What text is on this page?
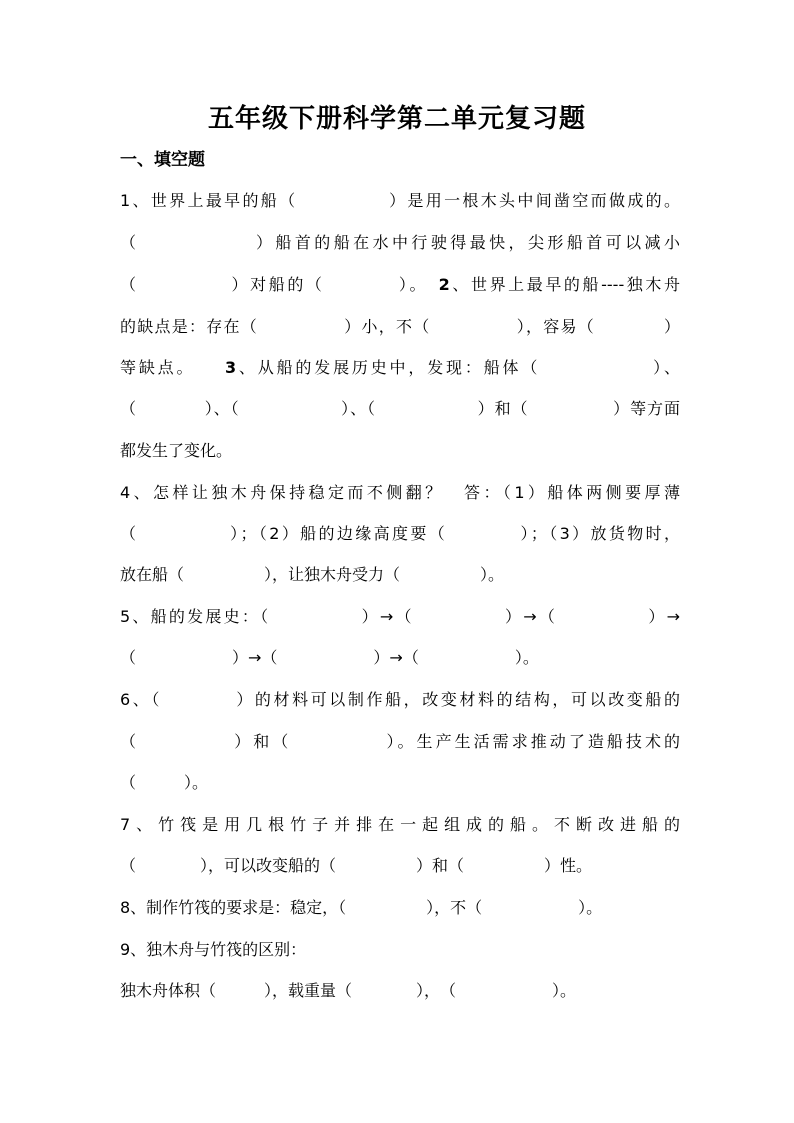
五年级下册科学第二单元复习题
一、填空题
1、世界上最早的船（　　　　　）是用一根木头中间凿空而做成的。
（　　　　　　）船首的船在水中行驶得最快，尖形船首可以减小
（　　　　　）对船的（　　　　）。　2、世界上最早的船----独木舟
的缺点是：存在（　　　　　）小，不（　　　　　），容易（　　　　）
等缺点。　　3、从船的发展历史中，发现：船体（　　　　　　）、
（　　　　）、（　　　　　　）、（　　　　　　）和（　　　　　）等方面
都发生了变化。
4、怎样让独木舟保持稳定而不侧翻？　答：（1）船体两侧要厚薄
（　　　　　）；（2）船的边缘高度要（　　　　）；（3）放货物时，
放在船（　　　　　），让独木舟受力（　　　　　）。
5、船的发展史：（　　　　　）→（　　　　　）→（　　　　　）→
（　　　　　　）→（　　　　　　）→（　　　　　　）。
6、（　　　　）的材料可以制作船，改变材料的结构，可以改变船的
（　　　　　）和（　　　　　）。生产生活需求推动了造船技术的
（　　　）。
7、竹筏是用几根竹子并排在一起组成的船。不断改进船的
（　　　　），可以改变船的（　　　　　）和（　　　　　）性。
8、制作竹筏的要求是：稳定，（　　　　　），不（　　　　　　）。
9、独木舟与竹筏的区别：
独木舟体积（　　　），载重量（　　　　），　（　　　　　　）。
